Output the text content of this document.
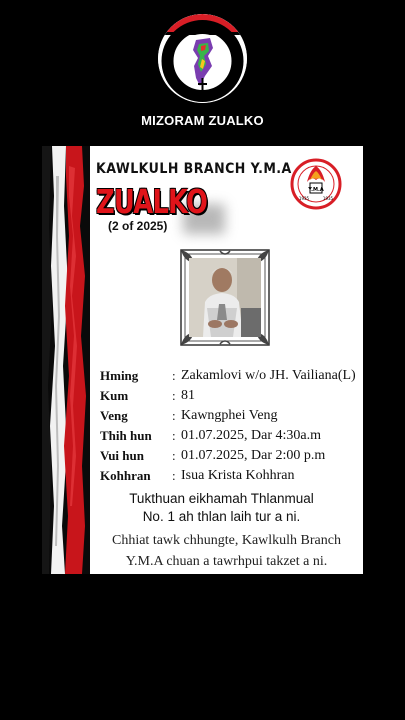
MIZORAM ZUALKO
KAWLKULH BRANCH Y.M.A
ZUALKO
(2 of 2025)
Y.M.A
1935	1935
Hming	: Zakamlovi w/o JH. Vailiana(L)
Kum	: 81
Veng	: Kawngphei Veng
Thih hun	: 01.07.2025, Dar 4:30a.m
Vui hun	: 01.07.2025, Dar 2:00 p.m
Kohhran	: Isua Krista Kohhran
Tukthuan eikhamah Thlanmual
No. 1 ah thlan laih tur a ni.
Chhiat tawk chhungte, Kawlkulh Branch
Y.M.A chuan a tawrhpui takzet a ni.
